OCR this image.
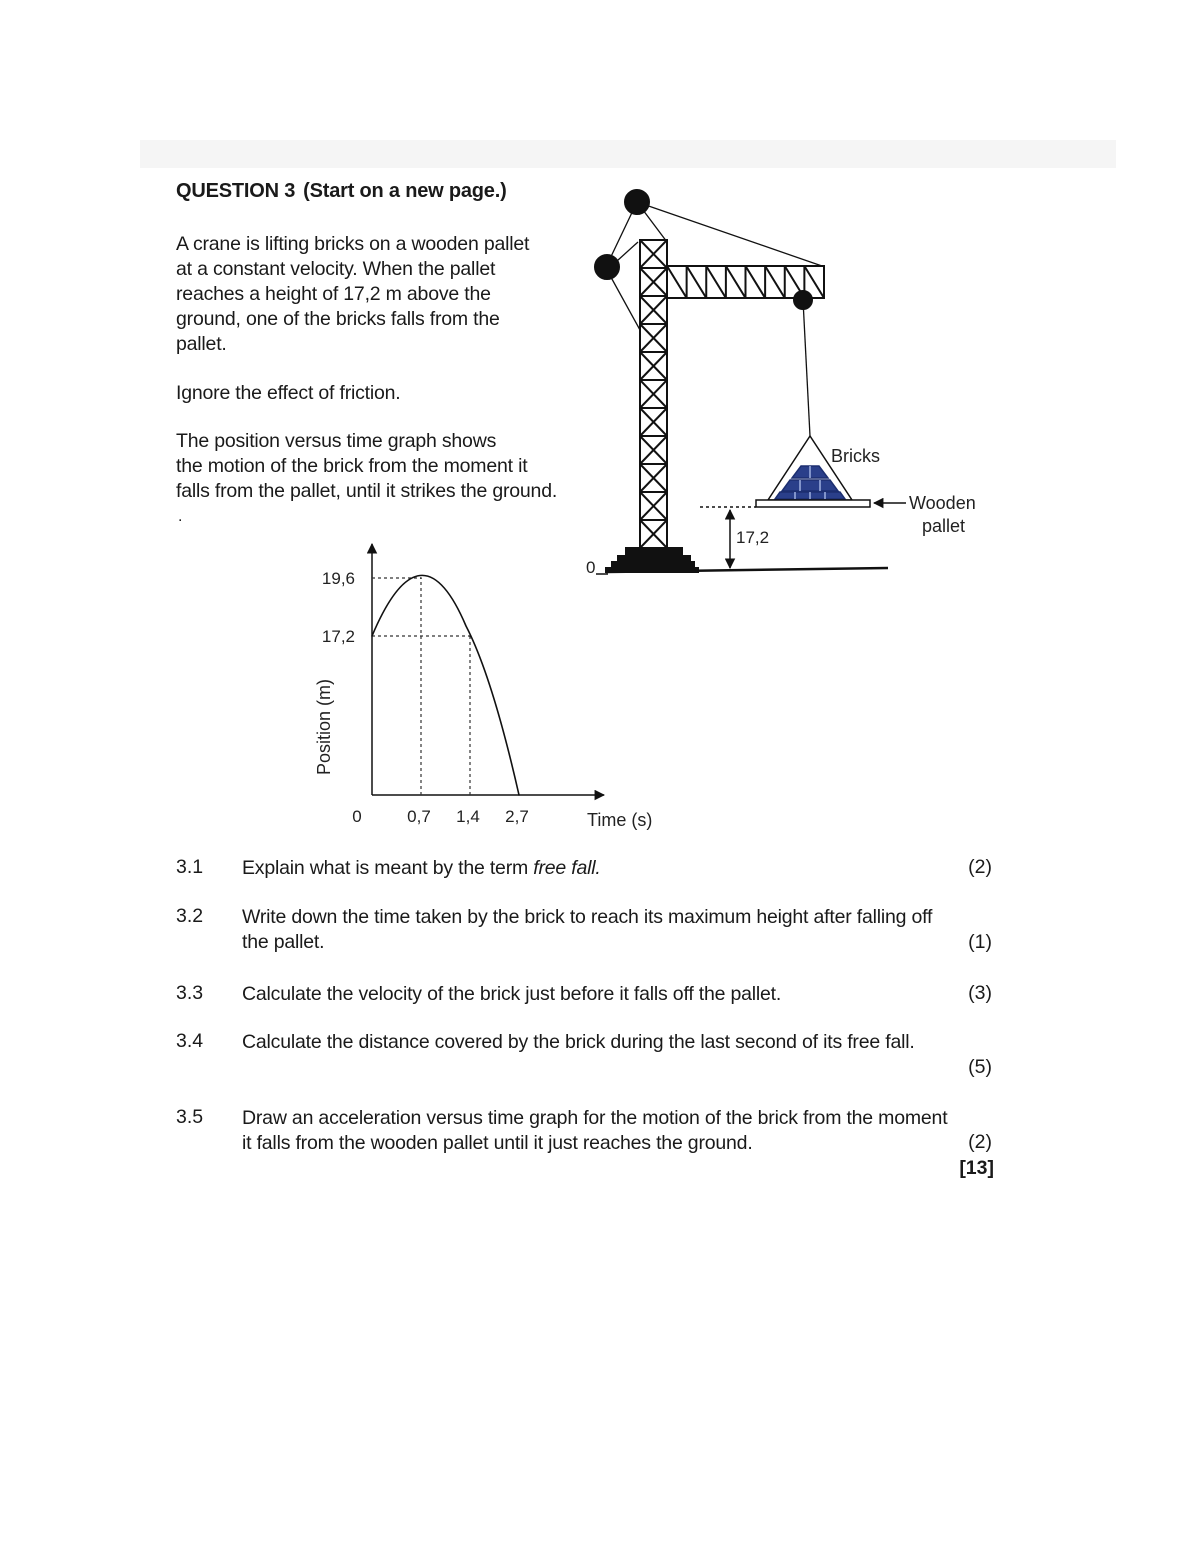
QUESTION 3 (Start on a new page.)
A crane is lifting bricks on a wooden pallet
at a constant velocity. When the pallet
reaches a height of 17,2 m above the
ground, one of the bricks falls from the
pallet.
Ignore the effect of friction.
The position versus time graph shows
the motion of the brick from the moment it
falls from the pallet, until it strikes the ground.
.
Bricks
Wooden
pallet
17,2
0
0	0,7 1,4 2,7
19,6
17,2
Time (s)
Position (m)
3.1 Explain what is meant by the term free fall.	(2)
3.2 Write down the time taken by the brick to reach its maximum height after falling off the pallet.	(1)
3.3 Calculate the velocity of the brick just before it falls off the pallet.	(3)
3.4 Calculate the distance covered by the brick during the last second of its free fall.
(5)
3.5 Draw an acceleration versus time graph for the motion of the brick from the moment it falls from the wooden pallet until it just reaches the ground.	(2)
[13]
